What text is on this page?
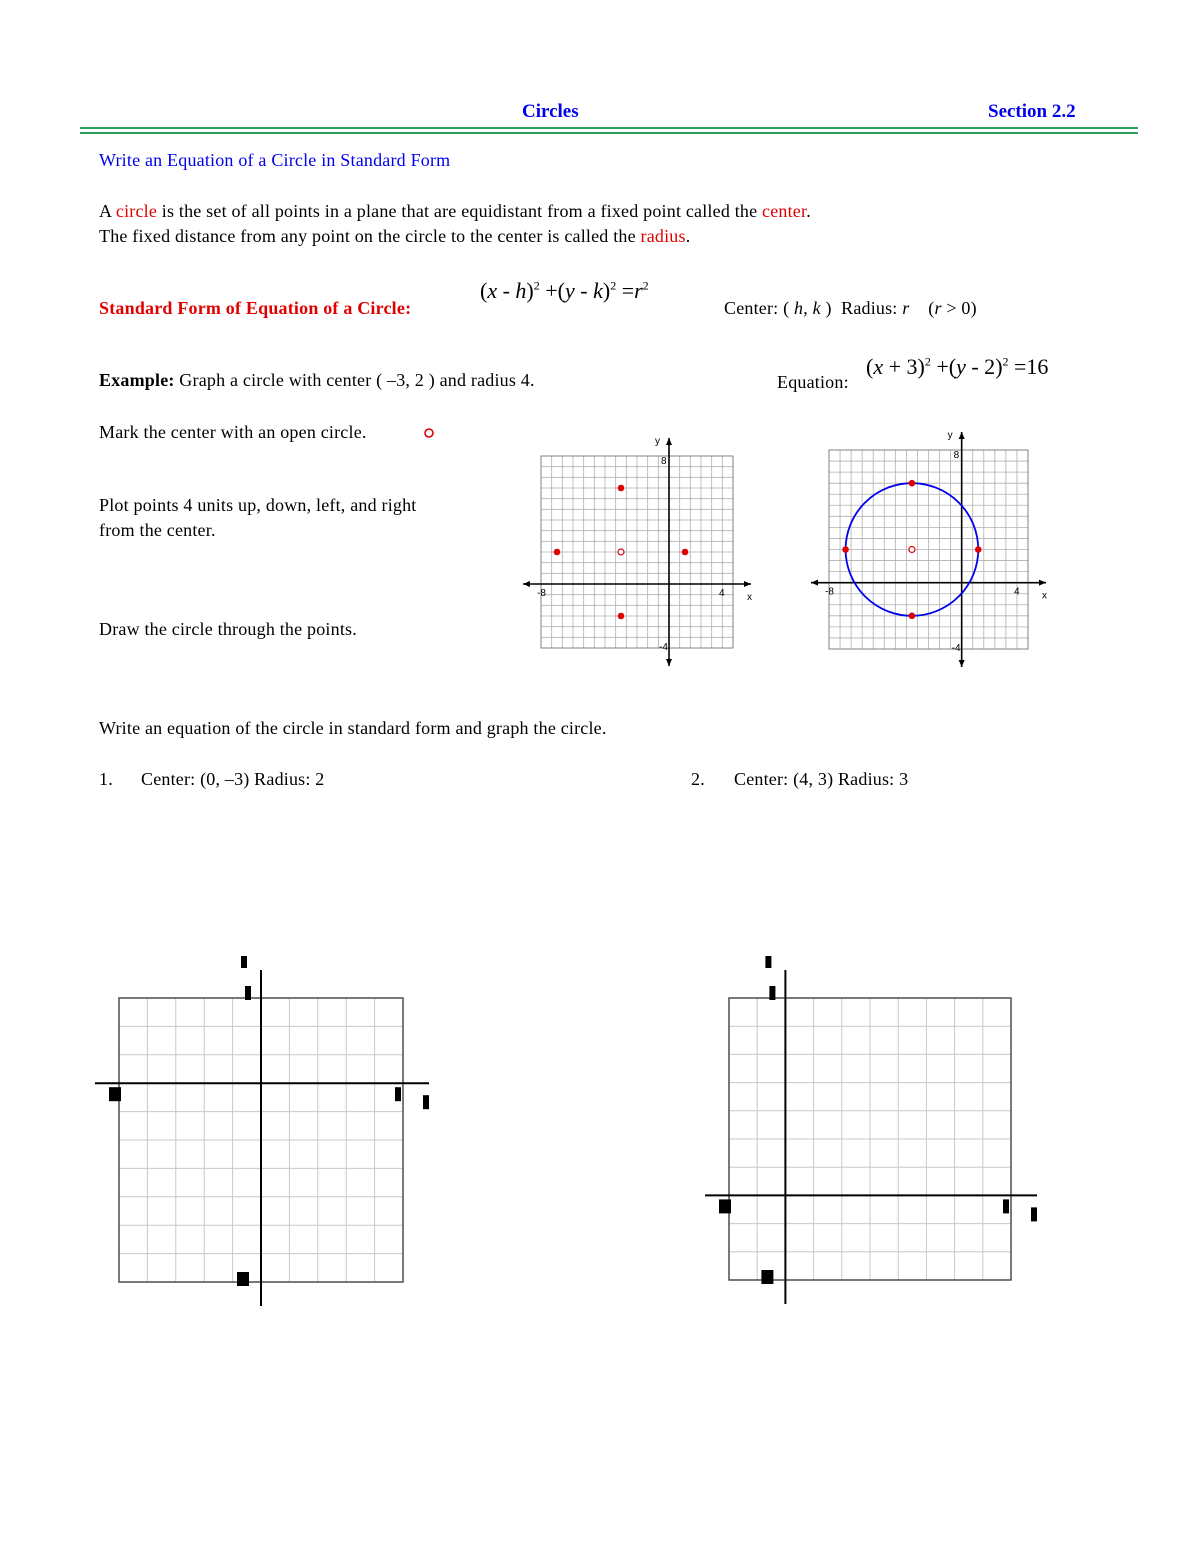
Circles	Section 2.2
Write an Equation of a Circle in Standard Form
A circle is the set of all points in a plane that are equidistant from a fixed point called the center.
The fixed distance from any point on the circle to the center is called the radius.
Standard Form of Equation of a Circle:
$(x - h)^2 +(y - k)^2 =r^2$
Center: ( h, k ) Radius: r (r > 0)
Example: Graph a circle with center ( –3, 2 ) and radius 4.	Equation:
$(x + 3)^2 +(y - 2)^2 =16$
Mark the center with an open circle.
Plot points 4 units up, down, left, and right
from the center.
Draw the circle through the points.
-8	4 x
8
-4
y
-8	4 x
8
-4
y
Write an equation of the circle in standard form and graph the circle.
1. Center: (0, –3) Radius: 2	2. Center: (4, 3) Radius: 3
